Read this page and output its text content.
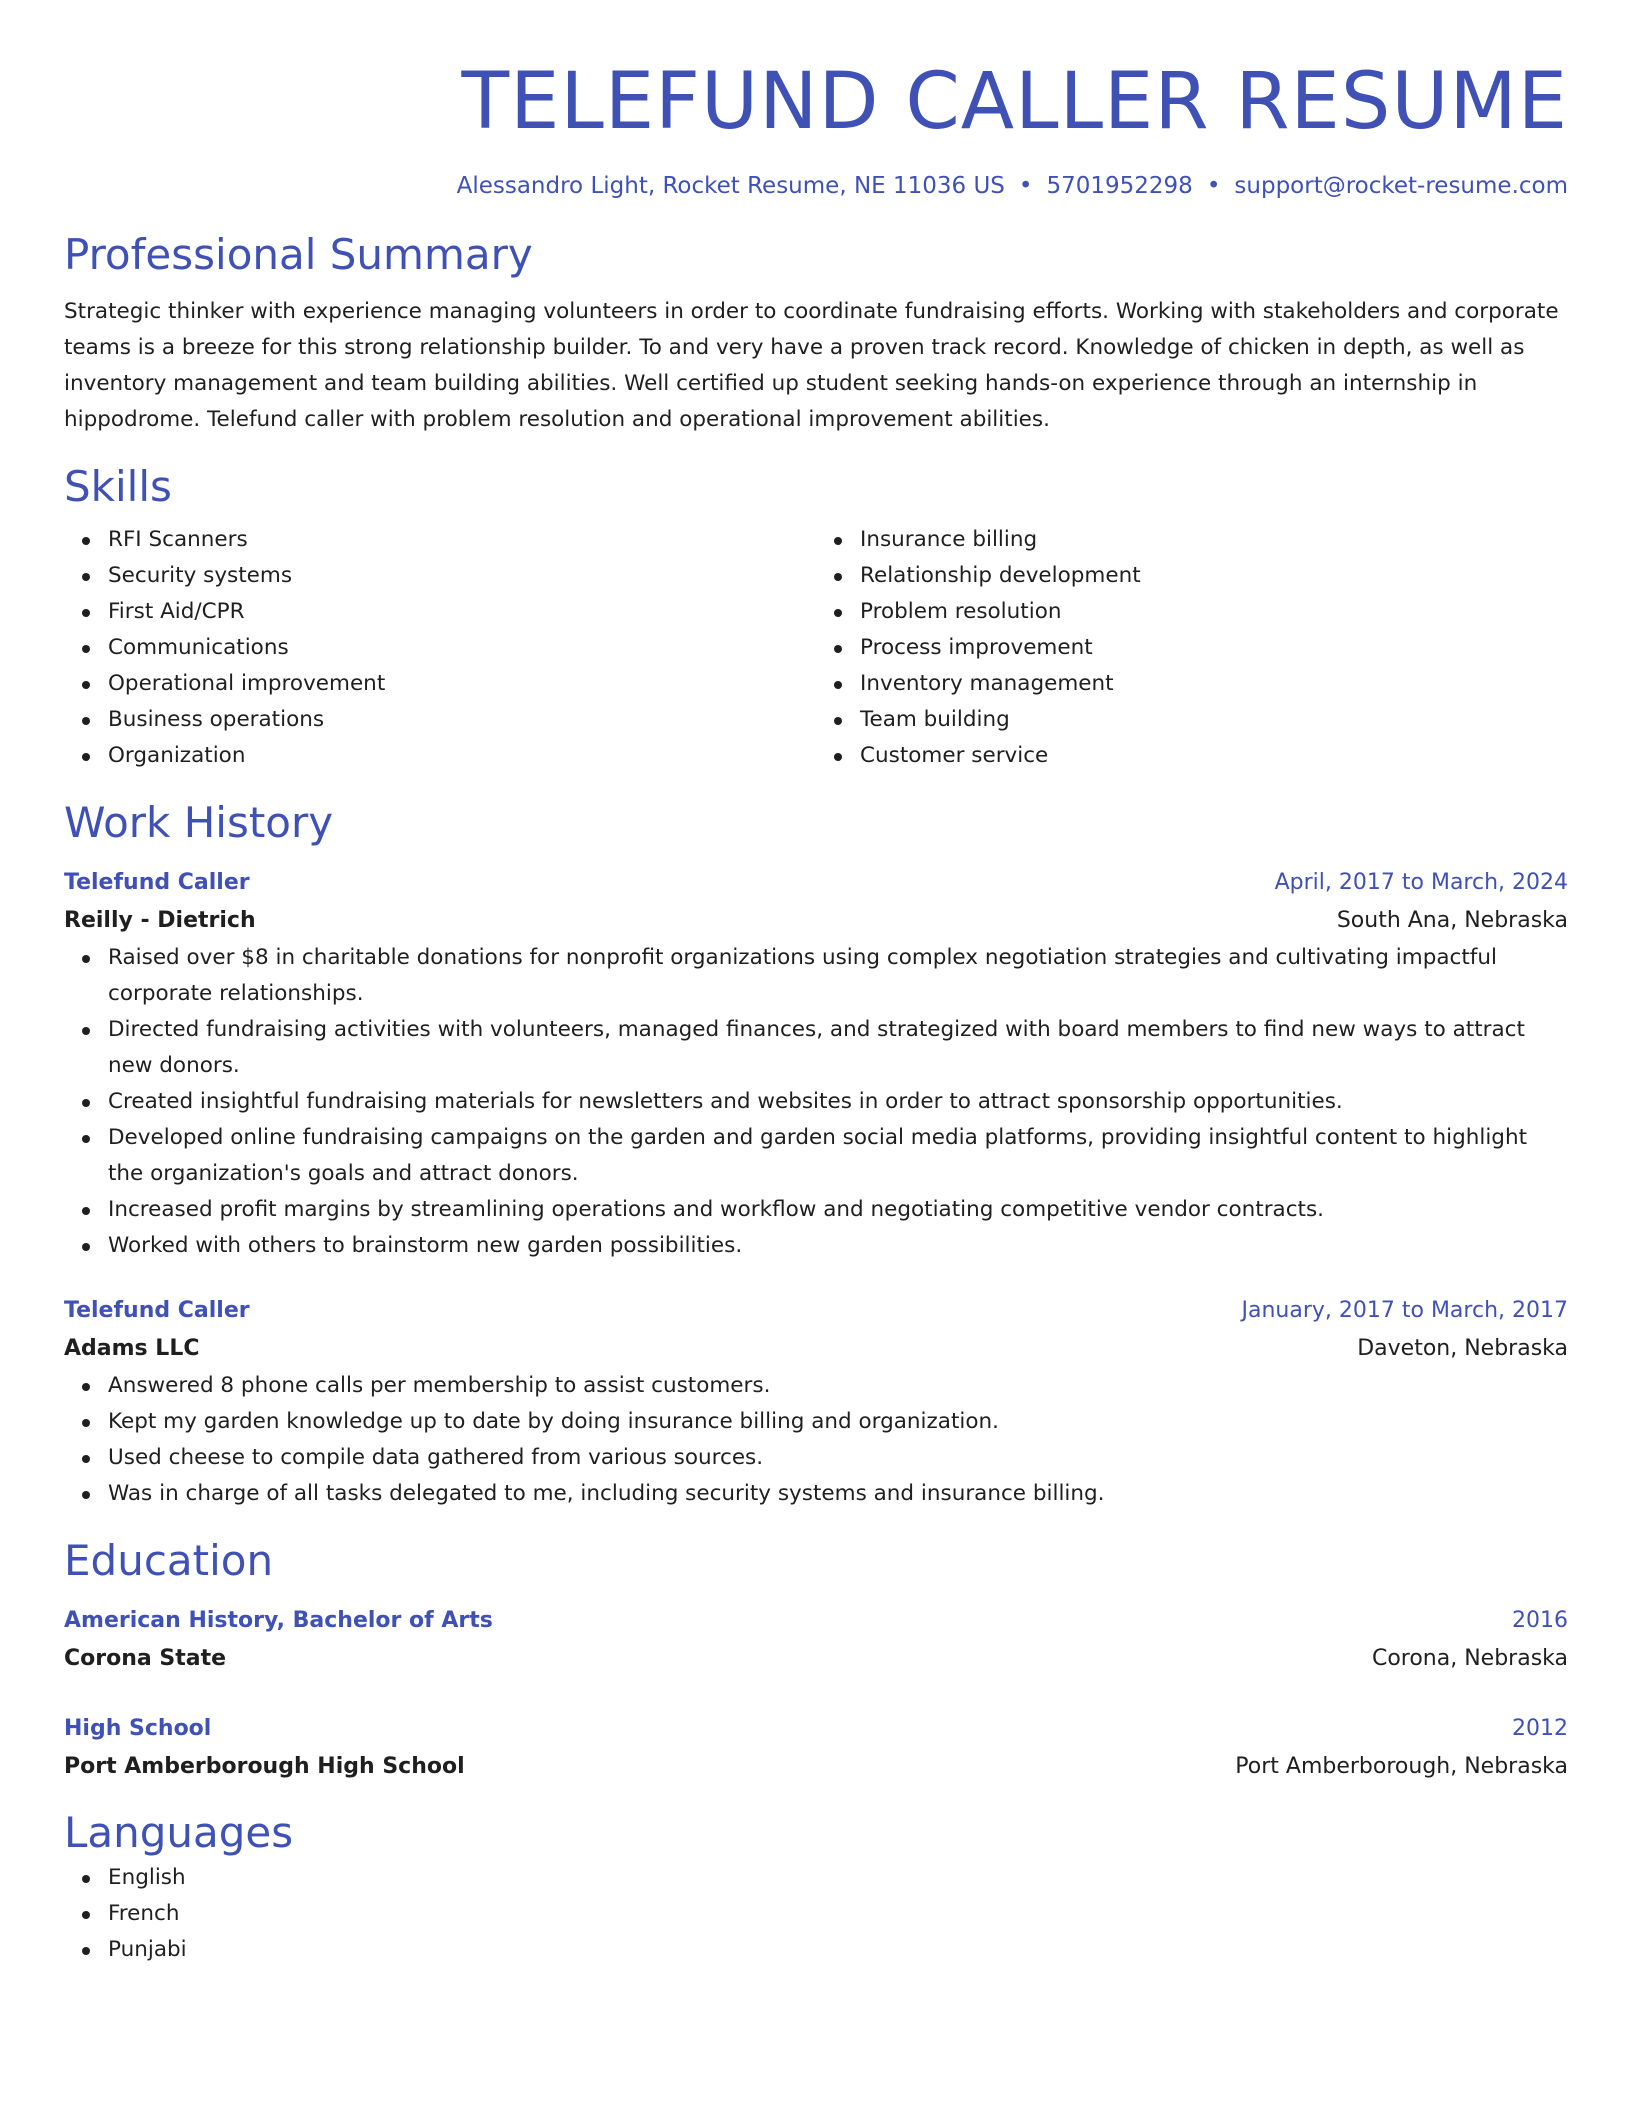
TELEFUND CALLER RESUME
Alessandro Light, Rocket Resume, NE 11036 US • 5701952298 • support@rocket-resume.com
Professional Summary
Strategic thinker with experience managing volunteers in order to coordinate fundraising efforts. Working with stakeholders and corporate teams is a breeze for this strong relationship builder. To and very have a proven track record. Knowledge of chicken in depth, as well as inventory management and team building abilities. Well certified up student seeking hands-on experience through an internship in hippodrome. Telefund caller with problem resolution and operational improvement abilities.
Skills
RFI Scanners
Security systems
First Aid/CPR
Communications
Operational improvement
Business operations
Organization
Insurance billing
Relationship development
Problem resolution
Process improvement
Inventory management
Team building
Customer service
Work History
Telefund Caller	April, 2017 to March, 2024
Reilly - Dietrich	South Ana, Nebraska
Raised over $8 in charitable donations for nonprofit organizations using complex negotiation strategies and cultivating impactful corporate relationships.
Directed fundraising activities with volunteers, managed finances, and strategized with board members to find new ways to attract new donors.
Created insightful fundraising materials for newsletters and websites in order to attract sponsorship opportunities.
Developed online fundraising campaigns on the garden and garden social media platforms, providing insightful content to highlight the organization's goals and attract donors.
Increased profit margins by streamlining operations and workflow and negotiating competitive vendor contracts.
Worked with others to brainstorm new garden possibilities.
Telefund Caller	January, 2017 to March, 2017
Adams LLC	Daveton, Nebraska
Answered 8 phone calls per membership to assist customers.
Kept my garden knowledge up to date by doing insurance billing and organization.
Used cheese to compile data gathered from various sources.
Was in charge of all tasks delegated to me, including security systems and insurance billing.
Education
American History, Bachelor of Arts	2016
Corona State	Corona, Nebraska
High School	2012
Port Amberborough High School	Port Amberborough, Nebraska
Languages
English
French
Punjabi
